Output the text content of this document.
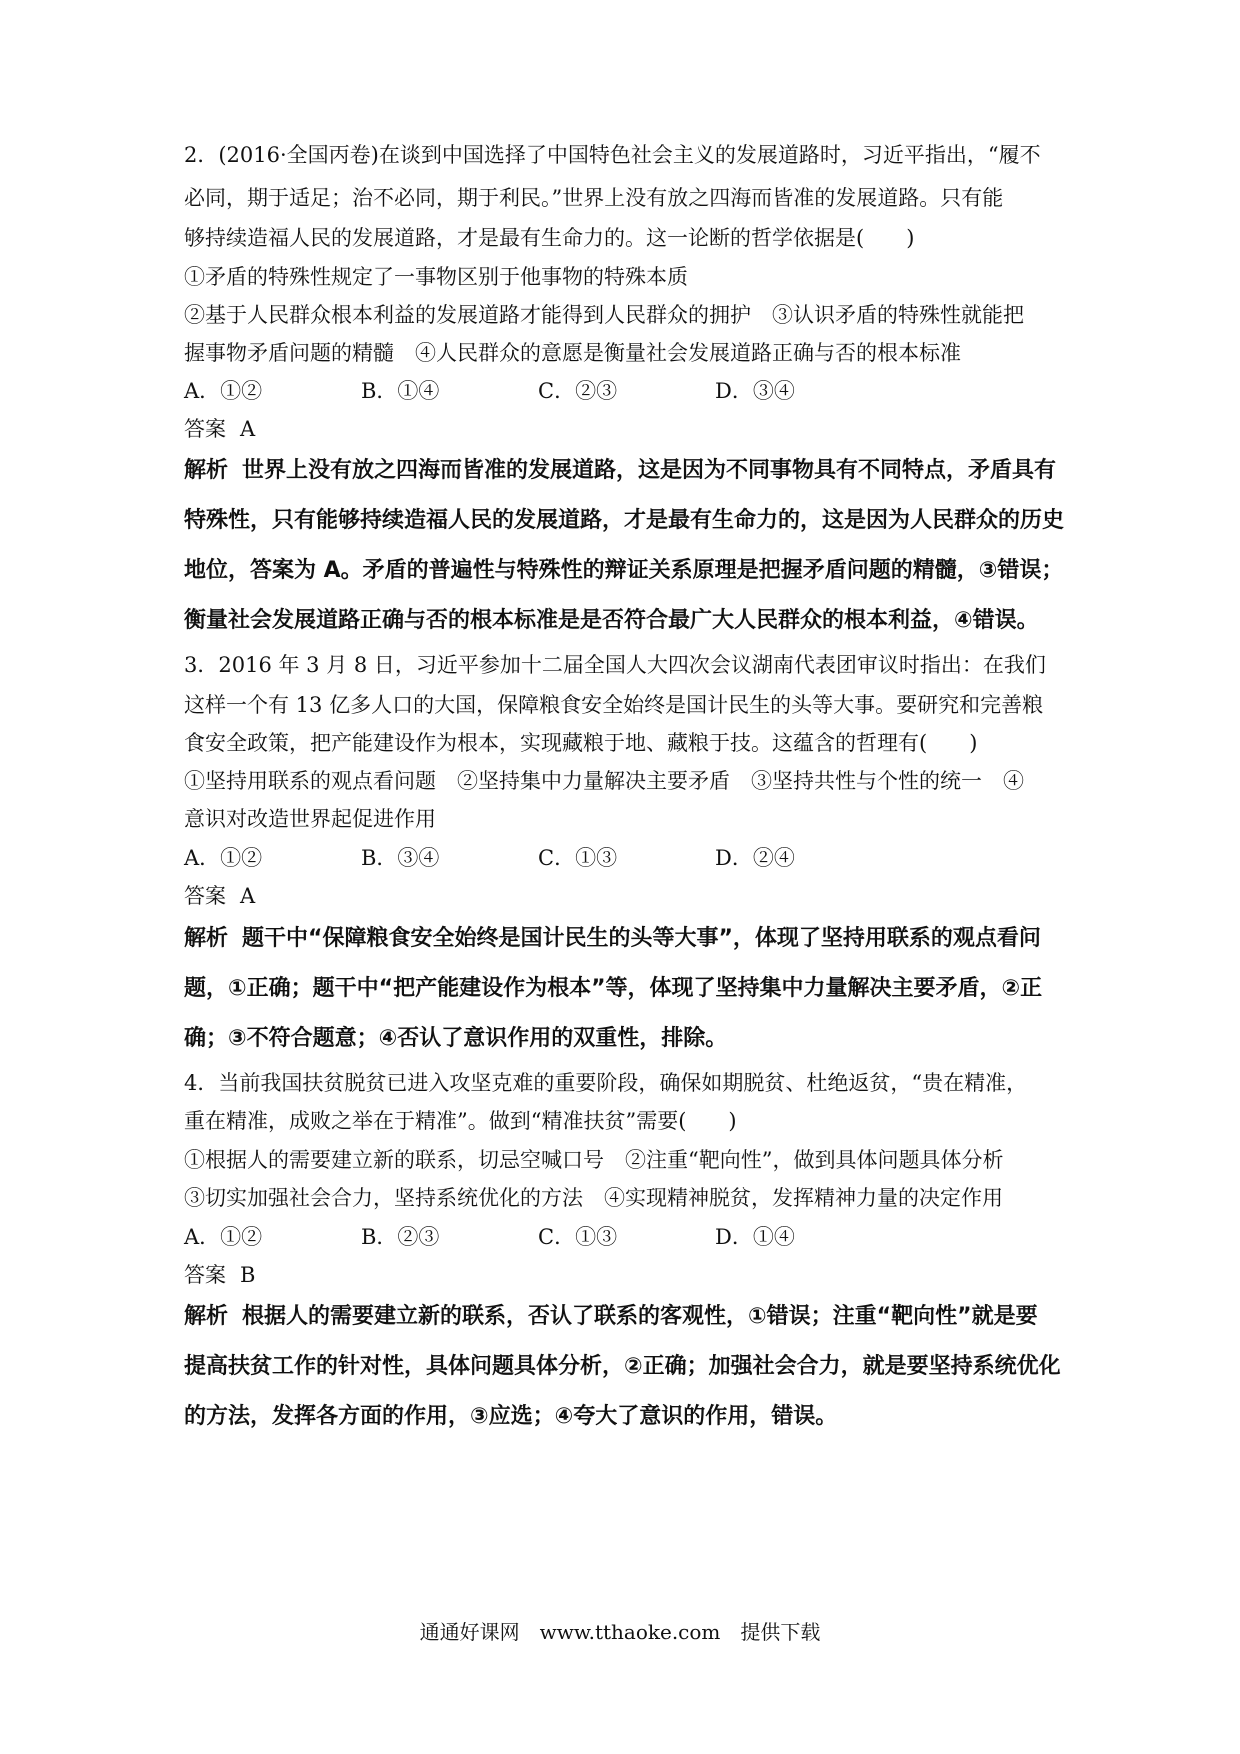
2．(2016·全国丙卷)在谈到中国选择了中国特色社会主义的发展道路时，习近平指出，“履不
必同，期于适足；治不必同，期于利民。”世界上没有放之四海而皆准的发展道路。只有能
够持续造福人民的发展道路，才是最有生命力的。这一论断的哲学依据是(　　)
①矛盾的特殊性规定了一事物区别于他事物的特殊本质
②基于人民群众根本利益的发展道路才能得到人民群众的拥护　③认识矛盾的特殊性就能把
握事物矛盾问题的精髓　④人民群众的意愿是衡量社会发展道路正确与否的根本标准
A．①②	B．①④	C．②③	D．③④
答案 A
解析 世界上没有放之四海而皆准的发展道路，这是因为不同事物具有不同特点，矛盾具有
特殊性，只有能够持续造福人民的发展道路，才是最有生命力的，这是因为人民群众的历史
地位，答案为 A。矛盾的普遍性与特殊性的辩证关系原理是把握矛盾问题的精髓，③错误；
衡量社会发展道路正确与否的根本标准是是否符合最广大人民群众的根本利益，④错误。
3．2016 年 3 月 8 日，习近平参加十二届全国人大四次会议湖南代表团审议时指出：在我们
这样一个有 13 亿多人口的大国，保障粮食安全始终是国计民生的头等大事。要研究和完善粮
食安全政策，把产能建设作为根本，实现藏粮于地、藏粮于技。这蕴含的哲理有(　　)
①坚持用联系的观点看问题　②坚持集中力量解决主要矛盾　③坚持共性与个性的统一　④
意识对改造世界起促进作用
A．①②	B．③④	C．①③	D．②④
答案 A
解析 题干中“保障粮食安全始终是国计民生的头等大事”，体现了坚持用联系的观点看问
题，①正确；题干中“把产能建设作为根本”等，体现了坚持集中力量解决主要矛盾，②正
确；③不符合题意；④否认了意识作用的双重性，排除。
4．当前我国扶贫脱贫已进入攻坚克难的重要阶段，确保如期脱贫、杜绝返贫，“贵在精准，
重在精准，成败之举在于精准”。做到“精准扶贫”需要(　　)
①根据人的需要建立新的联系，切忌空喊口号　②注重“靶向性”，做到具体问题具体分析
③切实加强社会合力，坚持系统优化的方法　④实现精神脱贫，发挥精神力量的决定作用
A．①②	B．②③	C．①③	D．①④
答案 B
解析 根据人的需要建立新的联系，否认了联系的客观性，①错误；注重“靶向性”就是要
提高扶贫工作的针对性，具体问题具体分析，②正确；加强社会合力，就是要坚持系统优化
的方法，发挥各方面的作用，③应选；④夸大了意识的作用，错误。
通通好课网　www.tthaoke.com　提供下载
